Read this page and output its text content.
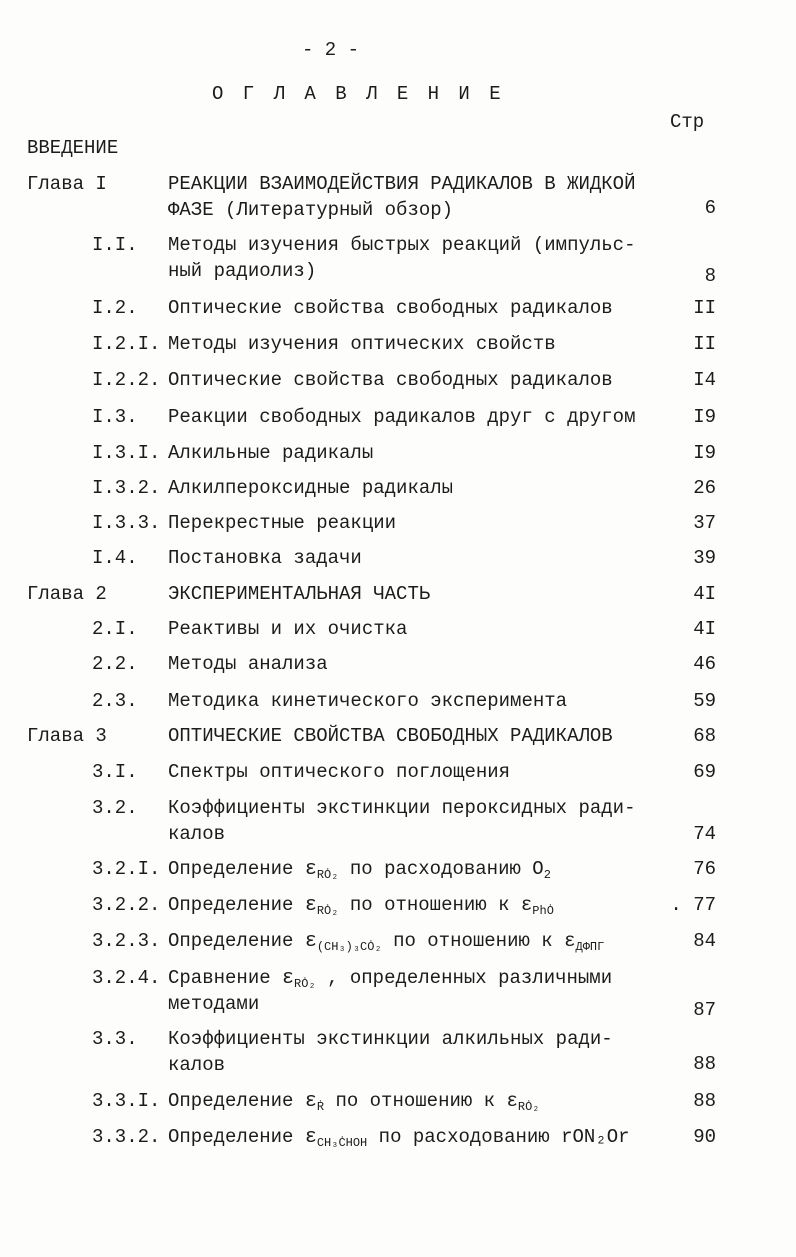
- 2 -
О Г Л А В Л Е Н И Е
Стр
ВВЕДЕНИЕ
Глава I	РЕАКЦИИ ВЗАИМОДЕЙСТВИЯ РАДИКАЛОВ В ЖИДКОЙ
ФАЗЕ (Литературный обзор)	6
I.I. Методы изучения быстрых реакций (импульс-
ный радиолиз)	8
I.2. Оптические свойства свободных радикалов	II
I.2.I. Методы изучения оптических свойств	II
I.2.2. Оптические свойства свободных радикалов	I4
I.3. Реакции свободных радикалов друг с другом	I9
I.3.I. Алкильные радикалы	I9
I.3.2. Алкилпероксидные радикалы	26
I.3.3. Перекрестные реакции	37
I.4. Постановка задачи	39
Глава 2	ЭКСПЕРИМЕНТАЛЬНАЯ ЧАСТЬ	4I
2.I. Реактивы и их очистка	4I
2.2. Методы анализа	46
2.3. Методика кинетического эксперимента	59
Глава 3	ОПТИЧЕСКИЕ СВОЙСТВА СВОБОДНЫХ РАДИКАЛОВ	68
3.I. Спектры оптического поглощения	69
3.2. Коэффициенты экстинкции пероксидных ради-
калов	74
3.2.I. Определение $\varepsilon_{RȮ_2}$ по расходованию $O_2$	76
3.2.2. Определение $\varepsilon_{RȮ_2}$ по отношению к $\varepsilon_{PhȮ}$	. 77
3.2.3. Определение $\varepsilon_{(CH_3)_3CȮ_2}$ по отношению к $\varepsilon_{ДФПГ}$	84
3.2.4. Сравнение $\varepsilon_{RȮ_2}$ , определенных различными
методами	87
3.3. Коэффициенты экстинкции алкильных ради-
калов	88
3.3.I. Определение $\varepsilon_Ṙ$ по отношению к $\varepsilon_{RȮ_2}$	88
3.3.2. Определение $\varepsilon_{CH_3ĊHOH}$ по расходованию rON₂Or	90
